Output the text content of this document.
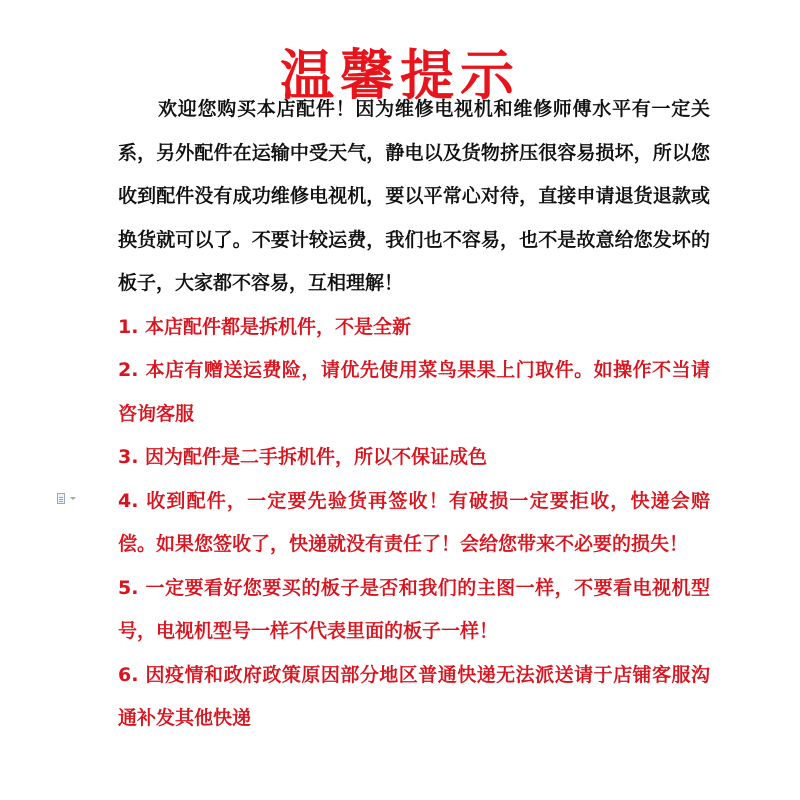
温馨提示

欢迎您购买本店配件！因为维修电视机和维修师傅水平有一定关系，另外配件在运输中受天气，静电以及货物挤压很容易损坏，所以您收到配件没有成功维修电视机，要以平常心对待，直接申请退货退款或换货就可以了。不要计较运费，我们也不容易，也不是故意给您发坏的板子，大家都不容易，互相理解！

1. 本店配件都是拆机件，不是全新
2. 本店有赠送运费险，请优先使用菜鸟果果上门取件。如操作不当请咨询客服
3. 因为配件是二手拆机件，所以不保证成色
4. 收到配件，一定要先验货再签收！有破损一定要拒收，快递会赔偿。如果您签收了，快递就没有责任了！会给您带来不必要的损失！
5. 一定要看好您要买的板子是否和我们的主图一样，不要看电视机型号，电视机型号一样不代表里面的板子一样！
6. 因疫情和政府政策原因部分地区普通快递无法派送请于店铺客服沟通补发其他快递
